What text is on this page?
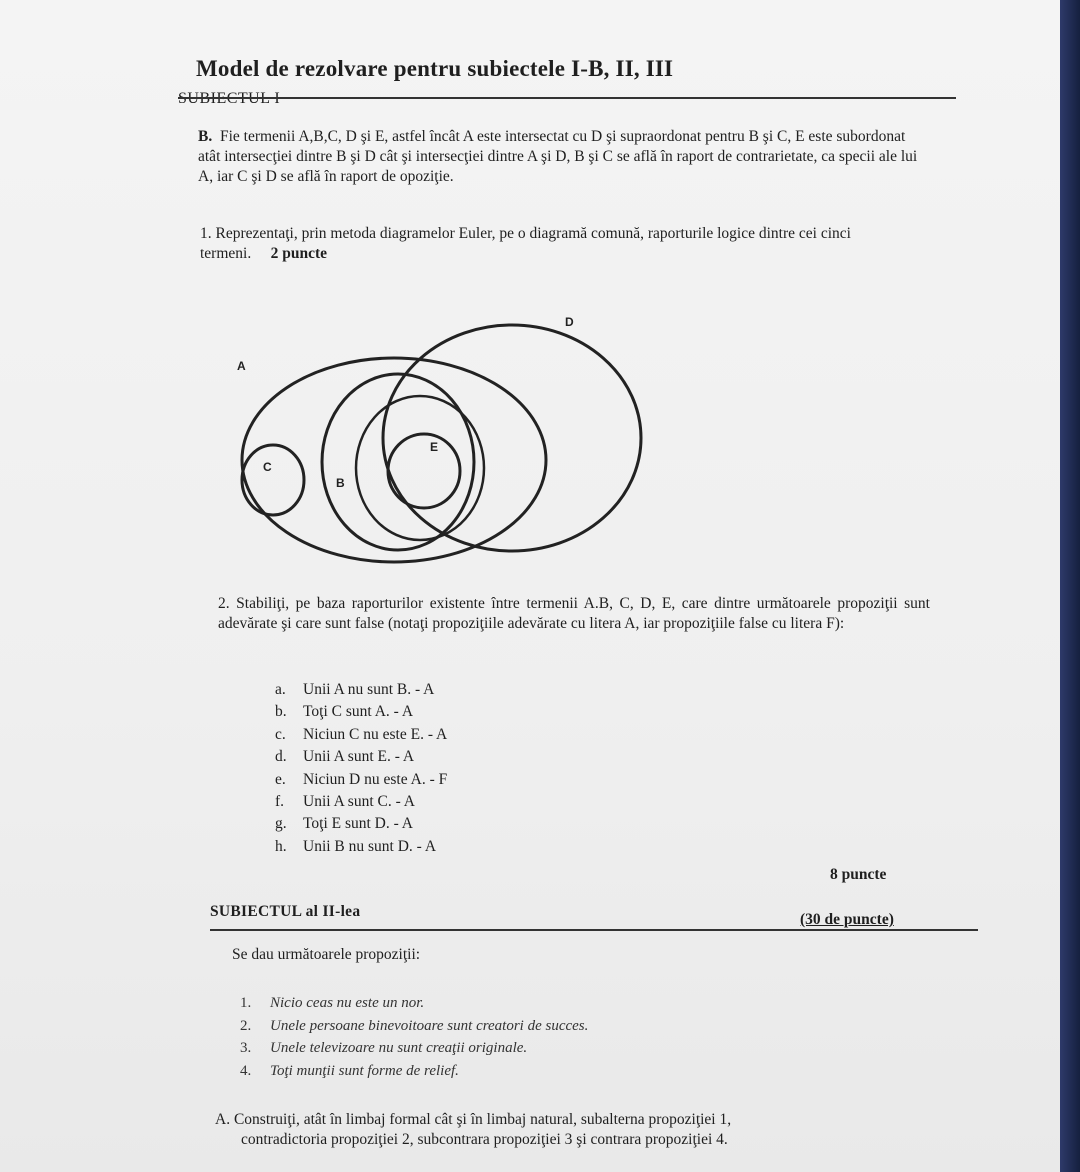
Model de rezolvare pentru subiectele I-B, II, III
B. Fie termenii A,B,C, D şi E, astfel încât A este intersectat cu D şi supraordonat pentru B şi C, E este subordonat atât intersecţiei dintre B şi D cât şi intersecţiei dintre A şi D, B şi C se află în raport de contrarietate, ca specii ale lui A, iar C şi D se află în raport de opoziţie.
1. Reprezentaţi, prin metoda diagramelor Euler, pe o diagramă comună, raporturile logice dintre cei cinci termeni. 2 puncte
A
D
C
B
E
2. Stabiliţi, pe baza raporturilor existente între termenii A.B, C, D, E, care dintre următoarele propoziţii sunt adevărate şi care sunt false (notaţi propoziţiile adevărate cu litera A, iar propoziţiile false cu litera F):
a. Unii A nu sunt B. - A
b. Toţi C sunt A. - A
c. Niciun C nu este E. - A
d. Unii A sunt E. - A
e. Niciun D nu este A. - F
f. Unii A sunt C. - A
g. Toţi E sunt D. - A
h. Unii B nu sunt D. - A
8 puncte
SUBIECTUL al II-lea	(30 de puncte)
Se dau următoarele propoziţii:
1. Nicio ceas nu este un nor.
2. Unele persoane binevoitoare sunt creatori de succes.
3. Unele televizoare nu sunt creaţii originale.
4. Toţi munţii sunt forme de relief.
A. Construiţi, atât în limbaj formal cât şi în limbaj natural, subalterna propoziţiei 1,
contradictoria propoziţiei 2, subcontrara propoziţiei 3 şi contrara propoziţiei 4.
